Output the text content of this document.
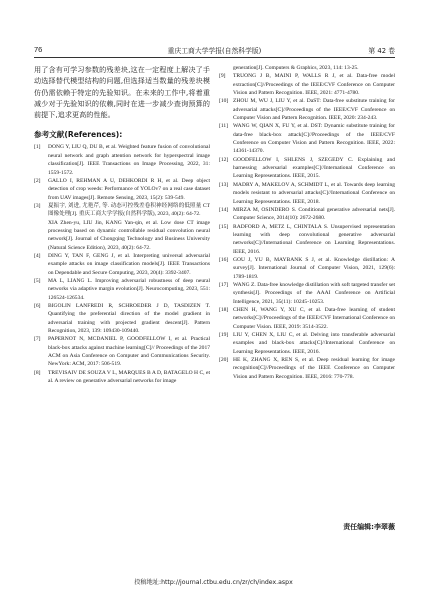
76	重庆工商大学学报(自然科学版)	第 42 卷

用了含有可学习参数的残差块,这在一定程度上解决了手动选择替代模型结构的问题,但选择适当数量的残差块模仿仍需依赖于特定的先验知识。在未来的工作中,将着重减少对于先验知识的依赖,同时在进一步减少查询预算的前提下,追求更高的性能。

参考文献(References):
[1]	DONG Y, LIU Q, DU B, et al. Weighted feature fusion of convolutional neural network and graph attention network for hyperspectral image classification[J]. IEEE Transactions on Image Processing, 2022, 31: 1559-1572.
[2]	GALLO I, REHMAN A U, DEHKORDI R H, et al. Deep object detection of crop weeds: Performance of YOLOv7 on a real case dataset from UAV images[J]. Remote Sensing, 2023, 15(2): 539-549.
[3]	夏振宇, 刘进, 尤艳芹, 等. 动态可控残差卷积神经网络的低照量 CT 图像处理[J]. 重庆工商大学学报(自然科学版), 2023, 40(2): 64-72.
XIA Zhen-yu, LIU Jin, KANG Yan-qin, et al. Low dose CT image processing based on dynamic controllable residual convolution neural network[J]. Journal of Chongqing Technology and Business University (Natural Science Edition), 2023, 40(2): 64-72.
[4]	DING Y, TAN F, GENG J, et al. Interpreting universal adversarial example attacks on image classification models[J]. IEEE Transactions on Dependable and Secure Computing, 2023, 20(4): 3392-3407.
[5]	MA L, LIANG L. Improving adversarial robustness of deep neural networks via adaptive margin evolution[J]. Neurocomputing, 2023, 551: 126524-126534.
[6]	BIGOLIN LANFREDI R, SCHROEDER J D, TASDIZEN T. Quantifying the preferential direction of the model gradient in adversarial training with projected gradient descent[J]. Pattern Recognition, 2023, 139: 109430-109440.
[7]	PAPERNOT N, MCDANIEL P, GOODFELLOW I, et al. Practical black-box attacks against machine learning[C]// Proceedings of the 2017 ACM on Asia Conference on Computer and Communications Security. NewYork: ACM, 2017: 506-519.
[8]	TREVISAIV DE SOUZA V L, MARQUES B A D, BATAGELO H C, et al. A review on generative adversarial networks for image
generation[J]. Computers & Graphics, 2023, 114: 13-25.
[9]	TRUONG J B, MAINI P, WALLS R J, et al. Data-free model extraction[C]//Proceedings of the IEEE/CVF Conference on Computer Vision and Pattern Recognition. IEEE, 2021: 4771-4780.
[10] ZHOU M, WU J, LIU Y, et al. DaST: Data-free substitute training for adversarial attacks[C]//Proceedings of the IEEE/CVF Conference on Computer Vision and Pattern Recognition. IEEE, 2020: 234-243.
[11] WANG W, QIAN X, FU Y, et al. DST: Dynamic substitute training for data-free black-box attack[C]//Proceedings of the IEEE/CVF Conference on Computer Vision and Pattern Recognition. IEEE, 2022: 14361-14370.
[12] GOODFELLOW I, SHLENS J, SZEGEDY C. Explaining and harnessing adversarial examples[C]//International Conference on Learning Representations. IEEE, 2015.
[13] MADRY A, MAKELOV A, SCHMIDT L, et al. Towards deep learning models resistant to adversarial attacks[C]//International Conference on Learning Representations. IEEE, 2018.
[14] MIRZA M, OSINDERO S. Conditional generative adversarial nets[J]. Computer Science, 2014(10): 2672-2680.
[15] RADFORD A, METZ L, CHINTALA S. Unsupervised representation learning with deep convolutional generative adversarial networks[C]//International Conference on Learning Representations. IEEE, 2016.
[16] GOU J, YU B, MAYBANK S J, et al. Knowledge distillation: A survey[J]. International Journal of Computer Vision, 2021, 129(6): 1789-1819.
[17] WANG Z. Data-free knowledge distillation with soft targeted transfer set synthesis[J]. Proceedings of the AAAI Conference on Artificial Intelligence, 2021, 35(11): 10245-10253.
[18] CHEN H, WANG Y, XU C, et al. Data-free learning of student networks[C]//Proceedings of the IEEE/CVF International Conference on Computer Vision. IEEE, 2019: 3514-3522.
[19] LIU Y, CHEN X, LIU C, et al. Delving into transferable adversarial examples and black-box attacks[C]//International Conference on Learning Representations. IEEE, 2016.
[20] HE K, ZHANG X, REN S, et al. Deep residual learning for image recognition[C]//Proceedings of the IEEE Conference on Computer Vision and Pattern Recognition. IEEE, 2016: 770-778.
责任编辑:李翠薇
投稿地址:http://journal.ctbu.edu.cn/zr/ch/index.aspx
